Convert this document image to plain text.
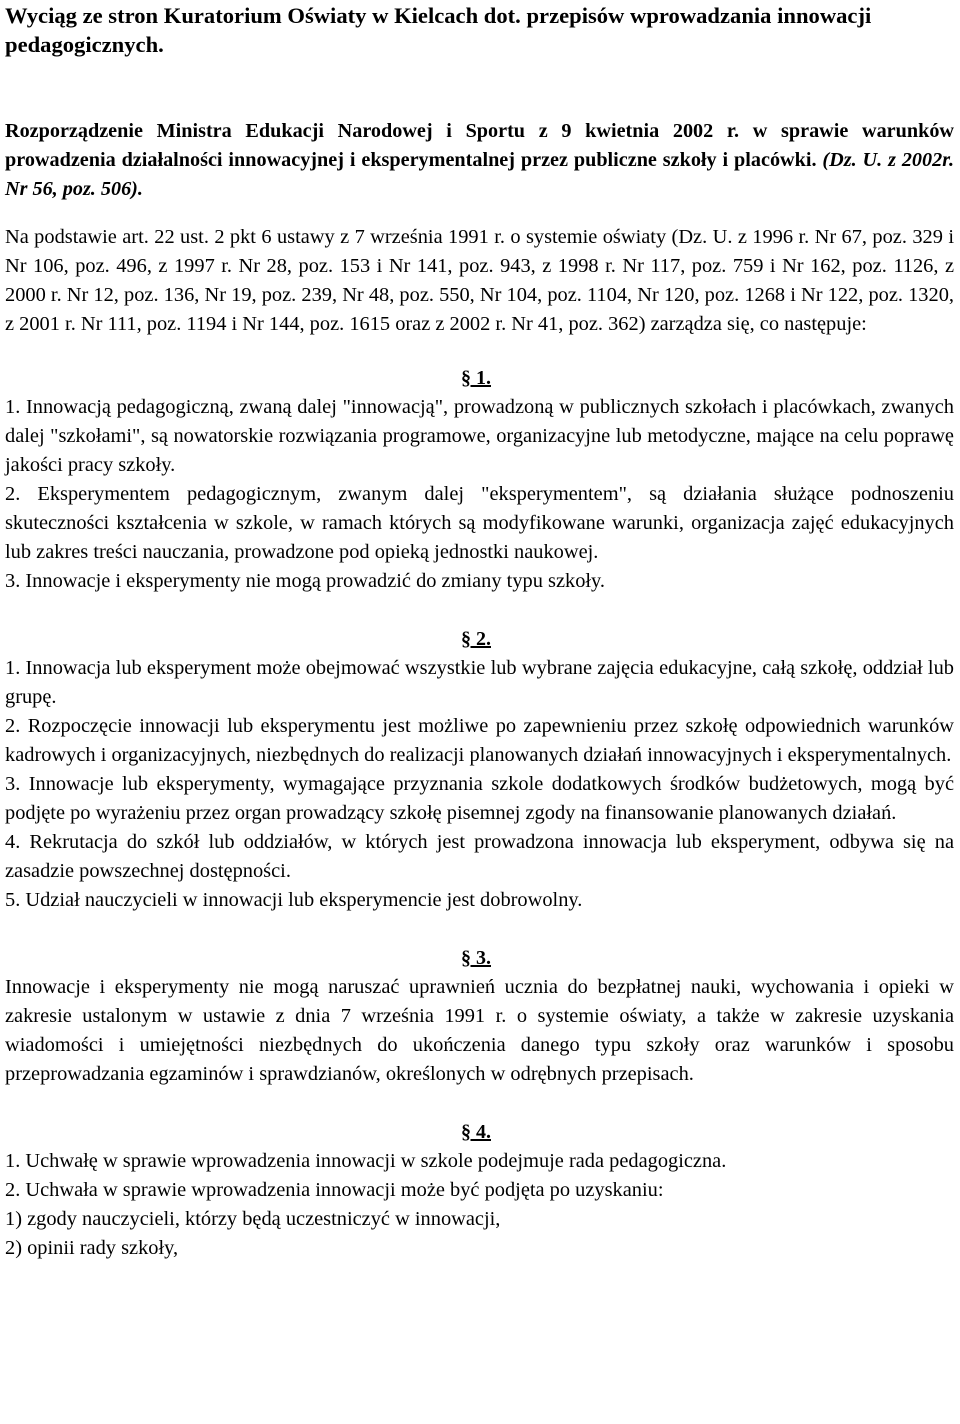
Wyciąg ze stron Kuratorium Oświaty w Kielcach dot. przepisów wprowadzania innowacji pedagogicznych.

Rozporządzenie Ministra Edukacji Narodowej i Sportu z 9 kwietnia 2002 r. w sprawie warunków prowadzenia działalności innowacyjnej i eksperymentalnej przez publiczne szkoły i placówki. (Dz. U. z 2002r. Nr 56, poz. 506).

Na podstawie art. 22 ust. 2 pkt 6 ustawy z 7 września 1991 r. o systemie oświaty (Dz. U. z 1996 r. Nr 67, poz. 329 i Nr 106, poz. 496, z 1997 r. Nr 28, poz. 153 i Nr 141, poz. 943, z 1998 r. Nr 117, poz. 759 i Nr 162, poz. 1126, z 2000 r. Nr 12, poz. 136, Nr 19, poz. 239, Nr 48, poz. 550, Nr 104, poz. 1104, Nr 120, poz. 1268 i Nr 122, poz. 1320, z 2001 r. Nr 111, poz. 1194 i Nr 144, poz. 1615 oraz z 2002 r. Nr 41, poz. 362) zarządza się, co następuje:

§ 1.

1. Innowacją pedagogiczną, zwaną dalej "innowacją", prowadzoną w publicznych szkołach i placówkach, zwanych dalej "szkołami", są nowatorskie rozwiązania programowe, organizacyjne lub metodyczne, mające na celu poprawę jakości pracy szkoły.

2. Eksperymentem pedagogicznym, zwanym dalej "eksperymentem", są działania służące podnoszeniu skuteczności kształcenia w szkole, w ramach których są modyfikowane warunki, organizacja zajęć edukacyjnych lub zakres treści nauczania, prowadzone pod opieką jednostki naukowej.

3. Innowacje i eksperymenty nie mogą prowadzić do zmiany typu szkoły.

§ 2.

1. Innowacja lub eksperyment może obejmować wszystkie lub wybrane zajęcia edukacyjne, całą szkołę, oddział lub grupę.

2. Rozpoczęcie innowacji lub eksperymentu jest możliwe po zapewnieniu przez szkołę odpowiednich warunków kadrowych i organizacyjnych, niezbędnych do realizacji planowanych działań innowacyjnych i eksperymentalnych.

3. Innowacje lub eksperymenty, wymagające przyznania szkole dodatkowych środków budżetowych, mogą być podjęte po wyrażeniu przez organ prowadzący szkołę pisemnej zgody na finansowanie planowanych działań.

4. Rekrutacja do szkół lub oddziałów, w których jest prowadzona innowacja lub eksperyment, odbywa się na zasadzie powszechnej dostępności.

5. Udział nauczycieli w innowacji lub eksperymencie jest dobrowolny.

§ 3.

Innowacje i eksperymenty nie mogą naruszać uprawnień ucznia do bezpłatnej nauki, wychowania i opieki w zakresie ustalonym w ustawie z dnia 7 września 1991 r. o systemie oświaty, a także w zakresie uzyskania wiadomości i umiejętności niezbędnych do ukończenia danego typu szkoły oraz warunków i sposobu przeprowadzania egzaminów i sprawdzianów, określonych w odrębnych przepisach.

§ 4.

1. Uchwałę w sprawie wprowadzenia innowacji w szkole podejmuje rada pedagogiczna.

2. Uchwała w sprawie wprowadzenia innowacji może być podjęta po uzyskaniu:

1) zgody nauczycieli, którzy będą uczestniczyć w innowacji,

2) opinii rady szkoły,
